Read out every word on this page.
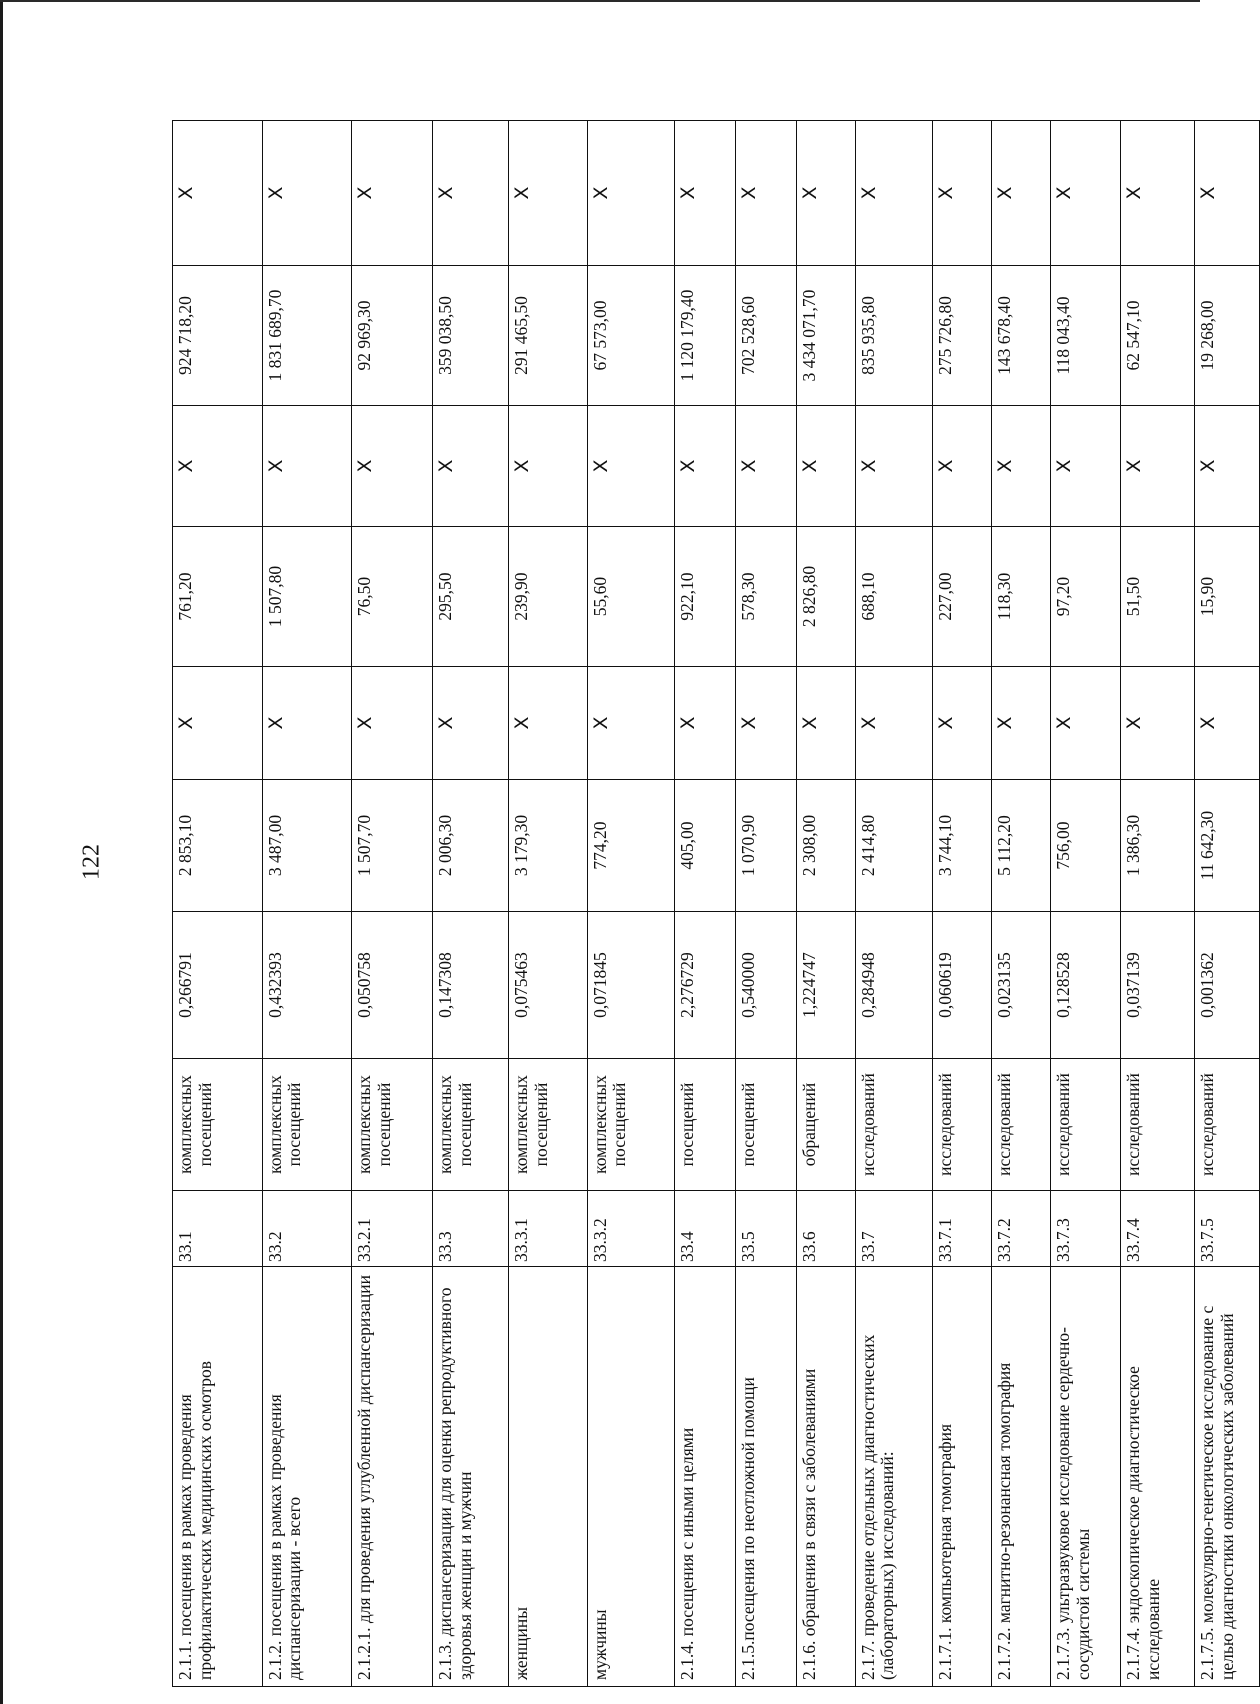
122
2.1.1. посещения в рамках проведения профилактических медицинских осмотров	33.1	комплексных посещений	0,266791	2 853,10	X	761,20	X	924 718,20	X
2.1.2. посещения в рамках проведения диспансеризации - всего	33.2	комплексных посещений	0,432393	3 487,00	X	1 507,80	X	1 831 689,70	X
2.1.2.1. для проведения углубленной диспансеризации	33.2.1	комплексных посещений	0,050758	1 507,70	X	76,50	X	92 969,30	X
2.1.3. диспансеризации для оценки репродуктивного здоровья женщин и мужчин	33.3	комплексных посещений	0,147308	2 006,30	X	295,50	X	359 038,50	X
женщины	33.3.1	комплексных посещений	0,075463	3 179,30	X	239,90	X	291 465,50	X
мужчины	33.3.2	комплексных посещений	0,071845	774,20	X	55,60	X	67 573,00	X
2.1.4. посещения с иными целями	33.4	посещений	2,276729	405,00	X	922,10	X	1 120 179,40	X
2.1.5.посещения по неотложной помощи	33.5	посещений	0,540000	1 070,90	X	578,30	X	702 528,60	X
2.1.6. обращения в связи с заболеваниями	33.6	обращений	1,224747	2 308,00	X	2 826,80	X	3 434 071,70	X
2.1.7. проведение отдельных диагностических (лабораторных) исследований:	33.7	исследований	0,284948	2 414,80	X	688,10	X	835 935,80	X
2.1.7.1. компьютерная томография	33.7.1	исследований	0,060619	3 744,10	X	227,00	X	275 726,80	X
2.1.7.2. магнитно-резонансная томография	33.7.2	исследований	0,023135	5 112,20	X	118,30	X	143 678,40	X
2.1.7.3. ультразвуковое исследование сердечно-сосудистой системы	33.7.3	исследований	0,128528	756,00	X	97,20	X	118 043,40	X
2.1.7.4. эндоскопическое диагностическое исследование	33.7.4	исследований	0,037139	1 386,30	X	51,50	X	62 547,10	X
2.1.7.5. молекулярно-генетическое исследование с целью диагностики онкологических заболеваний	33.7.5	исследований	0,001362	11 642,30	X	15,90	X	19 268,00	X
